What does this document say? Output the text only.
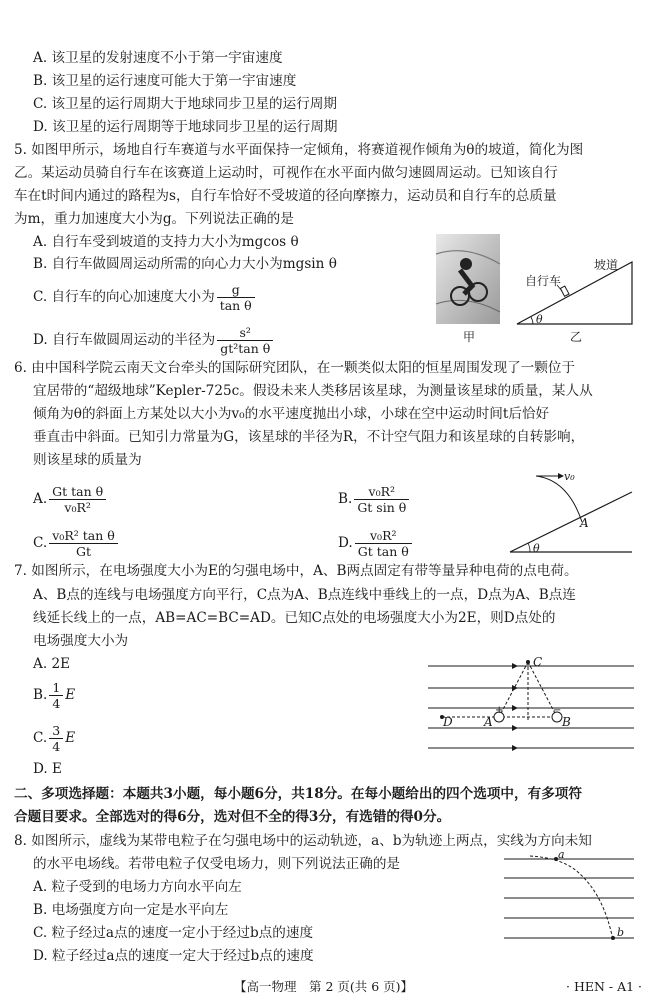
A. 该卫星的发射速度不小于第一宇宙速度
B. 该卫星的运行速度可能大于第一宇宙速度
C. 该卫星的运行周期大于地球同步卫星的运行周期
D. 该卫星的运行周期等于地球同步卫星的运行周期
5. 如图甲所示，场地自行车赛道与水平面保持一定倾角，将赛道视作倾角为θ的坡道，简化为图
乙。某运动员骑自行车在该赛道上运动时，可视作在水平面内做匀速圆周运动。已知该自行
车在t时间内通过的路程为s，自行车恰好不受坡道的径向摩擦力，运动员和自行车的总质量
为m，重力加速度大小为g。下列说法正确的是
A. 自行车受到坡道的支持力大小为mgcos θ
B. 自行车做圆周运动所需的向心力大小为mgsin θ
C. 自行车的向心加速度大小为 $\frac{g}{\text{tan θ}}$
D. 自行车做圆周运动的半径为 $\frac{\text{s²}}{\text{gt²tan θ}}$	甲
坡道
自行车
θ
乙
6. 由中国科学院云南天文台牵头的国际研究团队，在一颗类似太阳的恒星周围发现了一颗位于
宜居带的“超级地球”Kepler-725c。假设未来人类移居该星球，为测量该星球的质量，某人从
倾角为θ的斜面上方某处以大小为v₀的水平速度抛出小球，小球在空中运动时间t后恰好
垂直击中斜面。已知引力常量为G，该星球的半径为R，不计空气阻力和该星球的自转影响，
则该星球的质量为
A. $\frac{\text{Gt tan θ}}{\text{v₀R²}}$	B. $\frac{\text{v₀R²}}{\text{Gt sin θ}}$
C. $\frac{\text{v₀R² tan θ}}{Gt}$	D. $\frac{\text{v₀R²}}{\text{Gt tan θ}}$
v₀
A
θ
7. 如图所示，在电场强度大小为E的匀强电场中，A、B两点固定有带等量异种电荷的点电荷。
A、B点的连线与电场强度方向平行，C点为A、B点连线中垂线上的一点，D点为A、B点连
线延长线上的一点，AB=AC=BC=AD。已知C点处的电场强度大小为2E，则D点处的
电场强度大小为
A. 2E
B. $\frac{1}{4}$ E
C. $\frac{3}{4}$ E
D. E
C
D	A	B
+	−
二、多项选择题：本题共3小题，每小题6分，共18分。在每小题给出的四个选项中，有多项符
合题目要求。全部选对的得6分，选对但不全的得3分，有选错的得0分。
8. 如图所示，虚线为某带电粒子在匀强电场中的运动轨迹，a、b为轨迹上两点，实线为方向未知
的水平电场线。若带电粒子仅受电场力，则下列说法正确的是
A. 粒子受到的电场力方向水平向左
B. 电场强度方向一定是水平向左
C. 粒子经过a点的速度一定小于经过b点的速度
D. 粒子经过a点的速度一定大于经过b点的速度
a
b
【高一物理　第 2 页(共 6 页)】	· HEN - A1 ·
